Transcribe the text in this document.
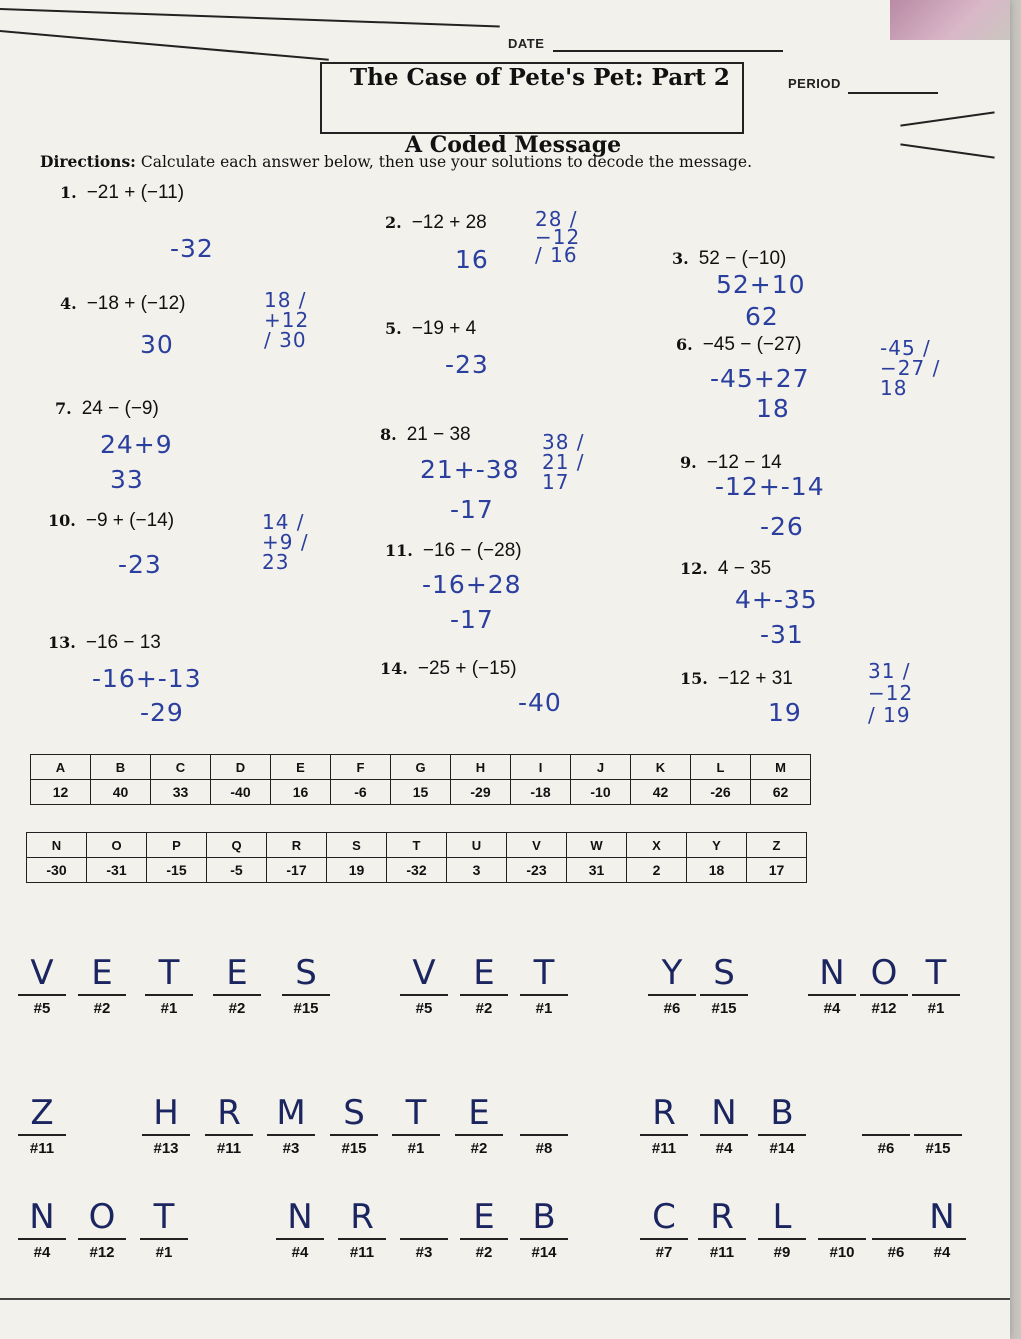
DATE
PERIOD
The Case of Pete's Pet: Part 2
A Coded Message
Directions: Calculate each answer below, then use your solutions to decode the message.
1. −21 + (−11)
-32
2. −12 + 28
16
28 / −12 / 16	3. 52 − (−10)
52+10
62
4. −18 + (−12)
30
18 / +12 / 30	5. −19 + 4
-23
6. −45 − (−27)
-45+27
18
-45 / −27 / 18
7. 24 − (−9)
24+9
33
8. 21 − 38
21+-38
-17
38 / 21 / 17
9. −12 − 14
-12+-14
-26
10. −9 + (−14)
-23
14 / +9 / 23	11. −16 − (−28)
-16+28
-17
12. 4 − 35
4+-35
-31
13. −16 − 13
-16+-13
-29
14. −25 + (−15)
-40
15. −12 + 31
19
31 / −12 / 19
A	B	C	D	E	F	G	H	I	J	K	L	M
12	40	33	-40	16	-6	15	-29	-18	-10	42	-26	62
N	O	P	Q	R	S	T	U	V	W	X	Y	Z
-30	-31	-15	-5	-17	19	-32	3	-23	31	2	18	17
V
#5
E
#2
T
#1
E
#2
S
#15
V
#5
E
#2
T
#1
Y
#6
S
#15
N
#4
O
#12
T
#1
Z
#11
H
#13
R
#11
M
#3
S
#15
T
#1
E
#2	#8
R
#11
N
#4
B
#14	#6	#15
N
#4
O
#12
T
#1
N
#4
R
#11	#3
E
#2
B
#14
C
#7
R
#11
L
#9	#10	#6
N
#4
